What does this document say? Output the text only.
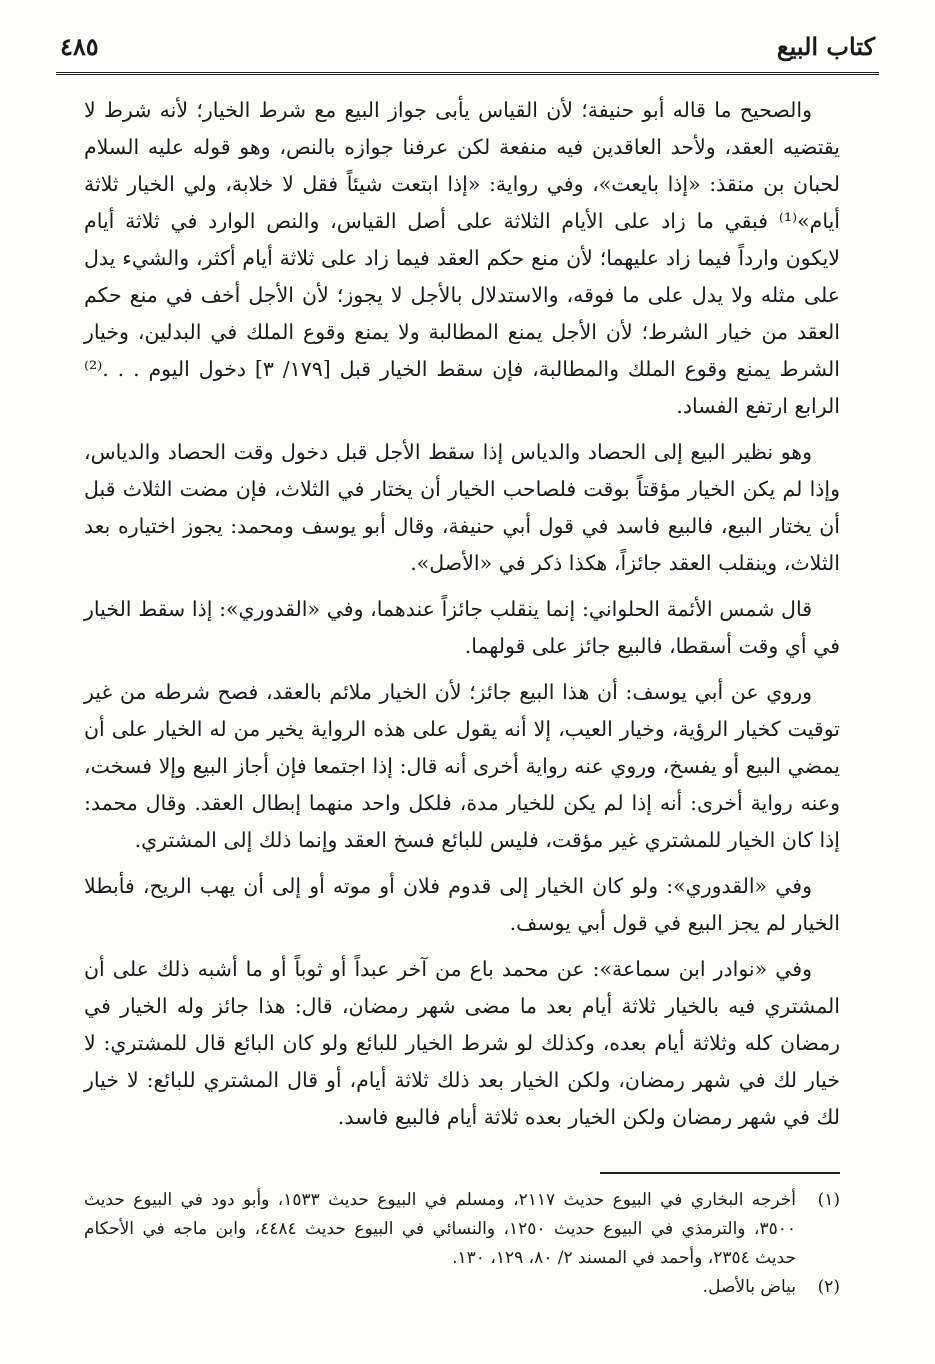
كتاب البيع
٤٨٥

والصحيح ما قاله أبو حنيفة؛ لأن القياس يأبى جواز البيع مع شرط الخيار؛ لأنه شرط لا يقتضيه العقد، ولأحد العاقدين فيه منفعة لكن عرفنا جوازه بالنص، وهو قوله عليه السلام لحبان بن منقذ: «إذا بايعت»، وفي رواية: «إذا ابتعت شيئاً فقل لا خلابة، ولي الخيار ثلاثة أيام»⁽¹⁾ فبقي ما زاد على الأيام الثلاثة على أصل القياس، والنص الوارد في ثلاثة أيام لايكون وارداً فيما زاد عليهما؛ لأن منع حكم العقد فيما زاد على ثلاثة أيام أكثر، والشيء يدل على مثله ولا يدل على ما فوقه، والاستدلال بالأجل لا يجوز؛ لأن الأجل أخف في منع حكم العقد من خيار الشرط؛ لأن الأجل يمنع المطالبة ولا يمنع وقوع الملك في البدلين، وخيار الشرط يمنع وقوع الملك والمطالبة، فإن سقط الخيار قبل [١٧٩/ ٣] دخول اليوم . . .⁽²⁾ الرابع ارتفع الفساد.

وهو نظير البيع إلى الحصاد والدياس إذا سقط الأجل قبل دخول وقت الحصاد والدياس، وإذا لم يكن الخيار مؤقتاً بوقت فلصاحب الخيار أن يختار في الثلاث، فإن مضت الثلاث قبل أن يختار البيع، فالبيع فاسد في قول أبي حنيفة، وقال أبو يوسف ومحمد: يجوز اختياره بعد الثلاث، وينقلب العقد جائزاً، هكذا ذكر في «الأصل».

قال شمس الأئمة الحلواني: إنما ينقلب جائزاً عندهما، وفي «القدوري»: إذا سقط الخيار في أي وقت أسقطا، فالبيع جائز على قولهما.

وروي عن أبي يوسف: أن هذا البيع جائز؛ لأن الخيار ملائم بالعقد، فصح شرطه من غير توقيت كخيار الرؤية، وخيار العيب، إلا أنه يقول على هذه الرواية يخير من له الخيار على أن يمضي البيع أو يفسخ، وروي عنه رواية أخرى أنه قال: إذا اجتمعا فإن أجاز البيع وإلا فسخت، وعنه رواية أخرى: أنه إذا لم يكن للخيار مدة، فلكل واحد منهما إبطال العقد. وقال محمد: إذا كان الخيار للمشتري غير مؤقت، فليس للبائع فسخ العقد وإنما ذلك إلى المشتري.

وفي «القدوري»: ولو كان الخيار إلى قدوم فلان أو موته أو إلى أن يهب الريح، فأبطلا الخيار لم يجز البيع في قول أبي يوسف.

وفي «نوادر ابن سماعة»: عن محمد باع من آخر عبداً أو ثوباً أو ما أشبه ذلك على أن المشتري فيه بالخيار ثلاثة أيام بعد ما مضى شهر رمضان، قال: هذا جائز وله الخيار في رمضان كله وثلاثة أيام بعده، وكذلك لو شرط الخيار للبائع ولو كان البائع قال للمشتري: لا خيار لك في شهر رمضان، ولكن الخيار بعد ذلك ثلاثة أيام، أو قال المشتري للبائع: لا خيار لك في شهر رمضان ولكن الخيار بعده ثلاثة أيام فالبيع فاسد.

(١)
أخرجه البخاري في البيوع حديث ٢١١٧، ومسلم في البيوع حديث ١٥٣٣، وأبو دود في البيوع حديث ٣٥٠٠، والترمذي في البيوع حديث ١٢٥٠، والنسائي في البيوع حديث ٤٤٨٤، وابن ماجه في الأحكام حديث ٢٣٥٤، وأحمد في المسند ٢/ ٨٠، ١٢٩، ١٣٠.
(٢)
بياض بالأصل.
